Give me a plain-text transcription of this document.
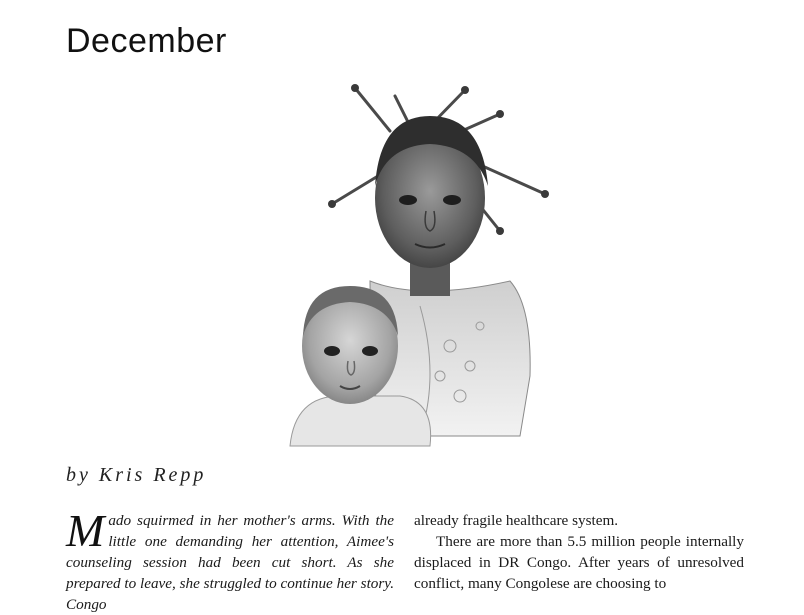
December
by Kris Repp

Mado squirmed in her mother's arms. With the little one demanding her attention, Aimee's counseling session had been cut short. As she prepared to leave, she struggled to continue her story. Congo

already fragile healthcare system.

There are more than 5.5 million people internally displaced in DR Congo. After years of unresolved conflict, many Congolese are choosing to
